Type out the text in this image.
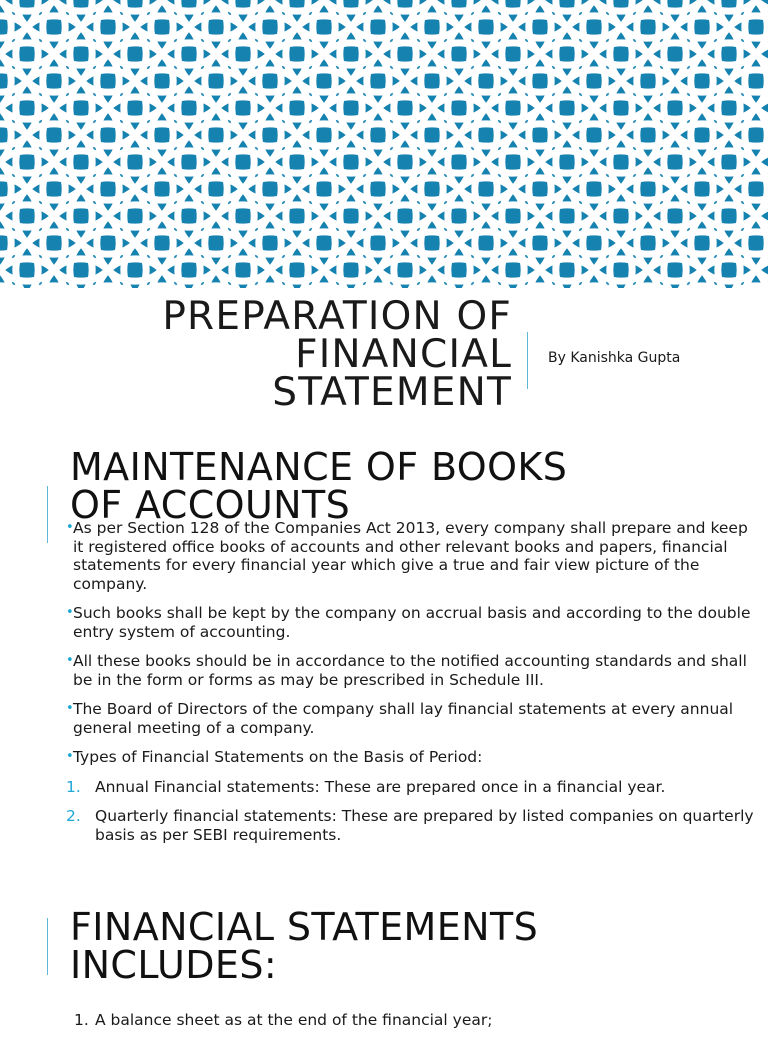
PREPARATION OF
FINANCIAL
STATEMENT
By Kanishka Gupta
MAINTENANCE OF BOOKS
OF ACCOUNTS
• As per Section 128 of the Companies Act 2013, every company shall prepare and keep it registered office books of accounts and other relevant books and papers, financial statements for every financial year which give a true and fair view picture of the company.
• Such books shall be kept by the company on accrual basis and according to the double entry system of accounting.
• All these books should be in accordance to the notified accounting standards and shall be in the form or forms as may be prescribed in Schedule III.
• The Board of Directors of the company shall lay financial statements at every annual general meeting of a company.
• Types of Financial Statements on the Basis of Period:
1. Annual Financial statements: These are prepared once in a financial year.
2. Quarterly financial statements: These are prepared by listed companies on quarterly basis as per SEBI requirements.
FINANCIAL STATEMENTS
INCLUDES:
1. A balance sheet as at the end of the financial year;
